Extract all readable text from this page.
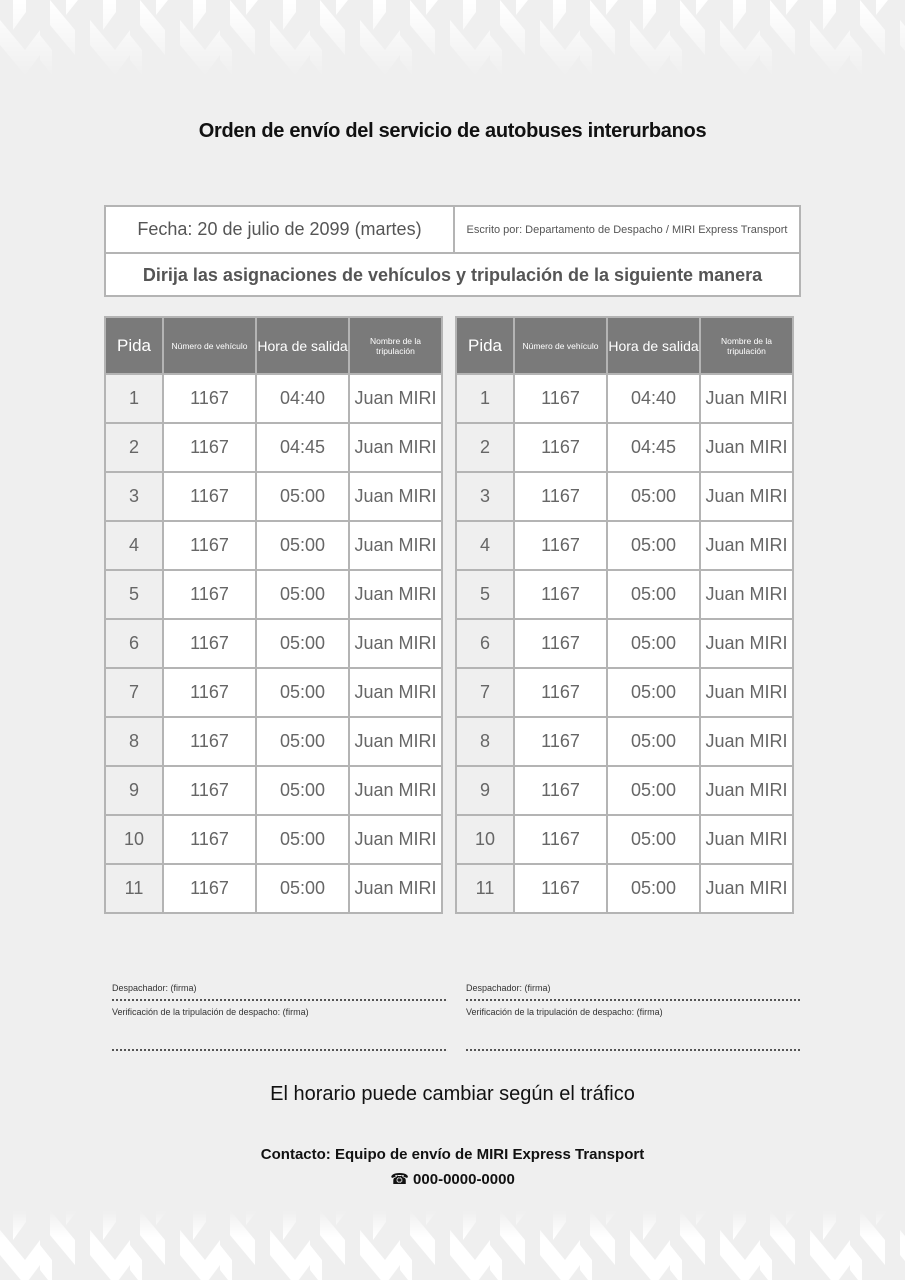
Orden de envío del servicio de autobuses interurbanos
Fecha: 20 de julio de 2099 (martes)	Escrito por: Departamento de Despacho / MIRI Express Transport
Dirija las asignaciones de vehículos y tripulación de la siguiente manera
Pida	Número de vehículo	Hora de salida	Nombre de la tripulación
1	1167	04:40	Juan MIRI
2	1167	04:45	Juan MIRI
3	1167	05:00	Juan MIRI
4	1167	05:00	Juan MIRI
5	1167	05:00	Juan MIRI
6	1167	05:00	Juan MIRI
7	1167	05:00	Juan MIRI
8	1167	05:00	Juan MIRI
9	1167	05:00	Juan MIRI
10	1167	05:00	Juan MIRI
11	1167	05:00	Juan MIRI
Pida	Número de vehículo	Hora de salida	Nombre de la tripulación
1	1167	04:40	Juan MIRI
2	1167	04:45	Juan MIRI
3	1167	05:00	Juan MIRI
4	1167	05:00	Juan MIRI
5	1167	05:00	Juan MIRI
6	1167	05:00	Juan MIRI
7	1167	05:00	Juan MIRI
8	1167	05:00	Juan MIRI
9	1167	05:00	Juan MIRI
10	1167	05:00	Juan MIRI
11	1167	05:00	Juan MIRI
Despachador: (firma)
Verificación de la tripulación de despacho: (firma)
Despachador: (firma)
Verificación de la tripulación de despacho: (firma)
El horario puede cambiar según el tráfico
Contacto: Equipo de envío de MIRI Express Transport
☎ 000-0000-0000
